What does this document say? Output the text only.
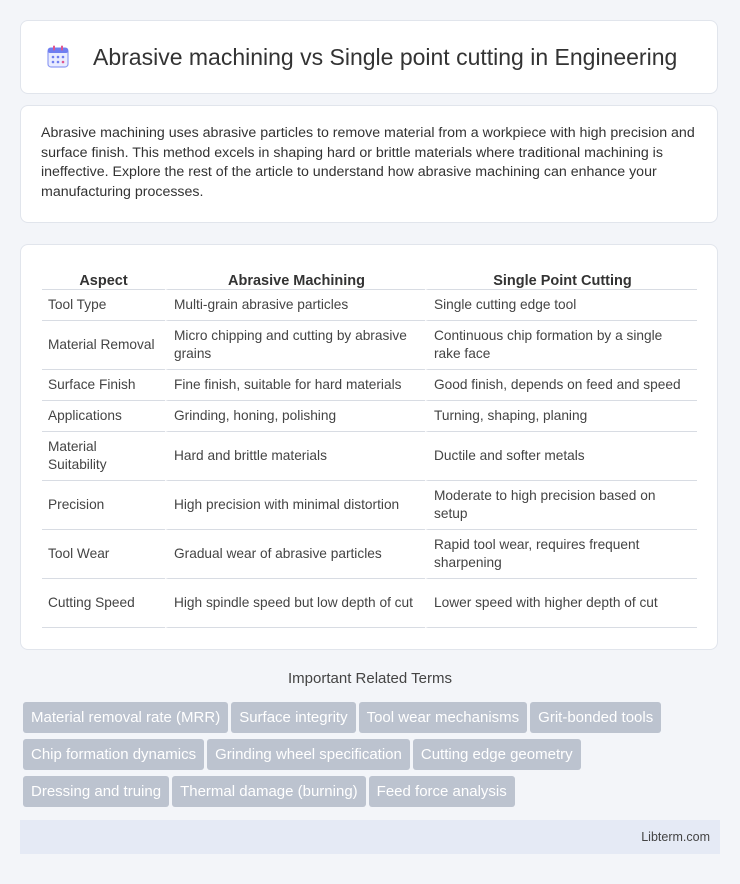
Abrasive machining vs Single point cutting in Engineering

Abrasive machining uses abrasive particles to remove material from a workpiece with high precision and surface finish. This method excels in shaping hard or brittle materials where traditional machining is ineffective. Explore the rest of the article to understand how abrasive machining can enhance your manufacturing processes.

Aspect	Abrasive Machining	Single Point Cutting
Tool Type	Multi-grain abrasive particles	Single cutting edge tool
Material Removal	Micro chipping and cutting by abrasive grains	Continuous chip formation by a single rake face
Surface Finish	Fine finish, suitable for hard materials	Good finish, depends on feed and speed
Applications	Grinding, honing, polishing	Turning, shaping, planing
Material Suitability	Hard and brittle materials	Ductile and softer metals
Precision	High precision with minimal distortion	Moderate to high precision based on setup
Tool Wear	Gradual wear of abrasive particles	Rapid tool wear, requires frequent sharpening
Cutting Speed	High spindle speed but low depth of cut	Lower speed with higher depth of cut
Important Related Terms
Material removal rate (MRR) Surface integrity Tool wear mechanisms Grit-bonded tools
Chip formation dynamics Grinding wheel specification Cutting edge geometry
Dressing and truing Thermal damage (burning) Feed force analysis
Libterm.com
